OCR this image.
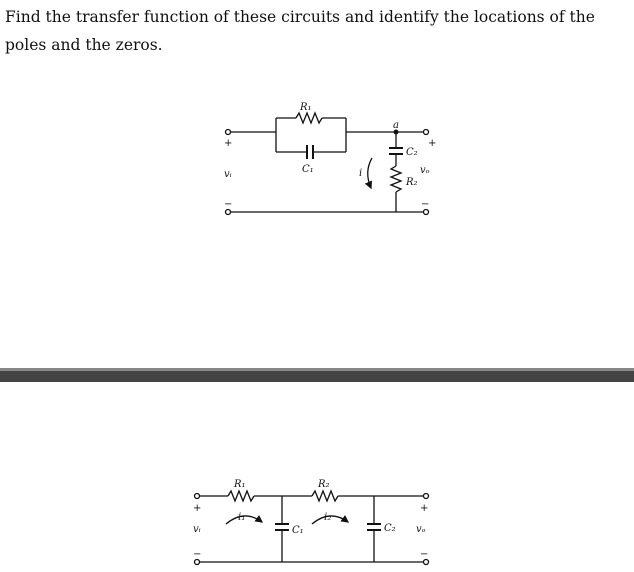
Find the transfer function of these circuits and identify the locations of the poles and the zeros.
R₁
C₁
C₂
R₂
a
vᵢ	vₒ
i
+
−
+
−
R₁	R₂
C₁	C₂
i₁	i₂
vᵢ	vₒ
+
−
+
−
